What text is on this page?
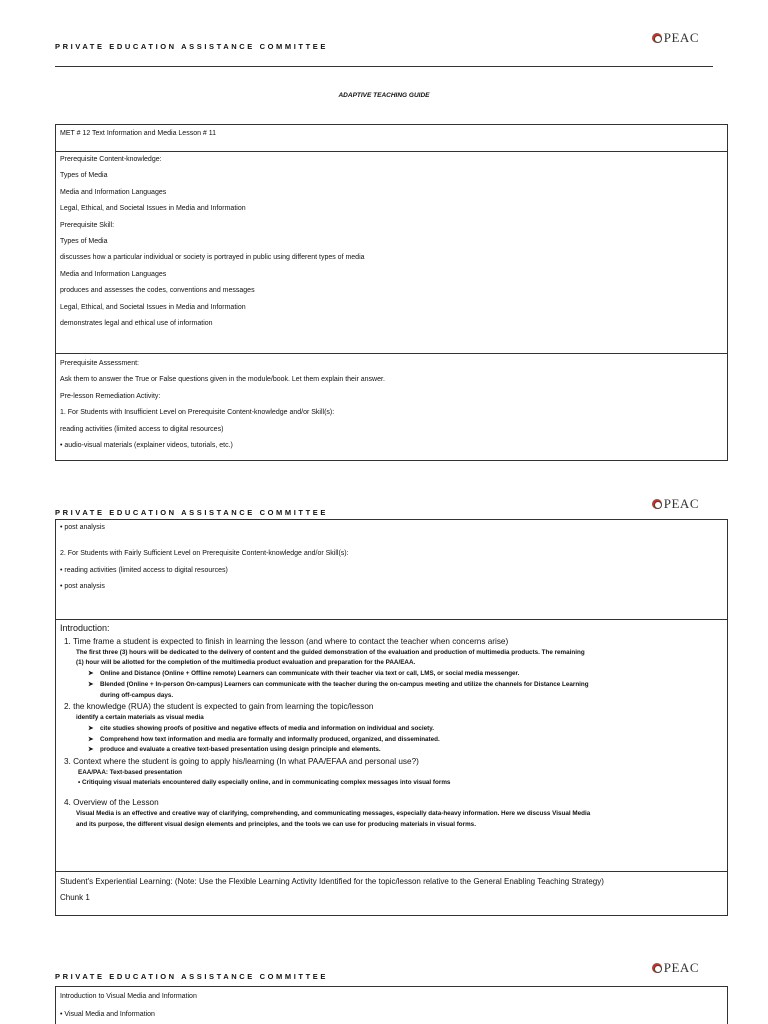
PRIVATE EDUCATION ASSISTANCE COMMITTEE
PEAC
ADAPTIVE TEACHING GUIDE
MET # 12 Text Information and Media Lesson # 11
Prerequisite Content-knowledge:
Types of Media
Media and Information Languages
Legal, Ethical, and Societal Issues in Media and Information
Prerequisite Skill:
Types of Media
discusses how a particular individual or society is portrayed in public using different types of media
Media and Information Languages
produces and assesses the codes, conventions and messages
Legal, Ethical, and Societal Issues in Media and Information
demonstrates legal and ethical use of information
Prerequisite Assessment:
Ask them to answer the True or False questions given in the module/book. Let them explain their answer.
Pre-lesson Remediation Activity:
1. For Students with Insufficient Level on Prerequisite Content-knowledge and/or Skill(s):
reading activities (limited access to digital resources)
• audio-visual materials (explainer videos, tutorials, etc.)
PRIVATE EDUCATION ASSISTANCE COMMITTEE
PEAC
• post analysis
2. For Students with Fairly Sufficient Level on Prerequisite Content-knowledge and/or Skill(s):
• reading activities (limited access to digital resources)
• post analysis
Introduction:
1. Time frame a student is expected to finish in learning the lesson (and where to contact the teacher when concerns arise)
The first three (3) hours will be dedicated to the delivery of content and the guided demonstration of the evaluation and production of multimedia products. The remaining
(1) hour will be allotted for the completion of the multimedia product evaluation and preparation for the PAA/EAA.
➤ Online and Distance (Online + Offline remote) Learners can communicate with their teacher via text or call, LMS, or social media messenger.
➤ Blended (Online + In-person On-campus) Learners can communicate with the teacher during the on-campus meeting and utilize the channels for Distance Learning
during off-campus days.
2. the knowledge (RUA) the student is expected to gain from learning the topic/lesson
identify a certain materials as visual media
➤ cite studies showing proofs of positive and negative effects of media and information on individual and society.
➤ Comprehend how text information and media are formally and informally produced, organized, and disseminated.
➤ produce and evaluate a creative text-based presentation using design principle and elements.
3. Context where the student is going to apply his/learning (In what PAA/EFAA and personal use?)
EAA/PAA: Text-based presentation
• Critiquing visual materials encountered daily especially online, and in communicating complex messages into visual forms
4. Overview of the Lesson
Visual Media is an effective and creative way of clarifying, comprehending, and communicating messages, especially data-heavy information. Here we discuss Visual Media
and its purpose, the different visual design elements and principles, and the tools we can use for producing materials in visual forms.
Student's Experiential Learning: (Note: Use the Flexible Learning Activity Identified for the topic/lesson relative to the General Enabling Teaching Strategy)
Chunk 1
PRIVATE EDUCATION ASSISTANCE COMMITTEE
PEAC
Introduction to Visual Media and Information
• Visual Media and Information
